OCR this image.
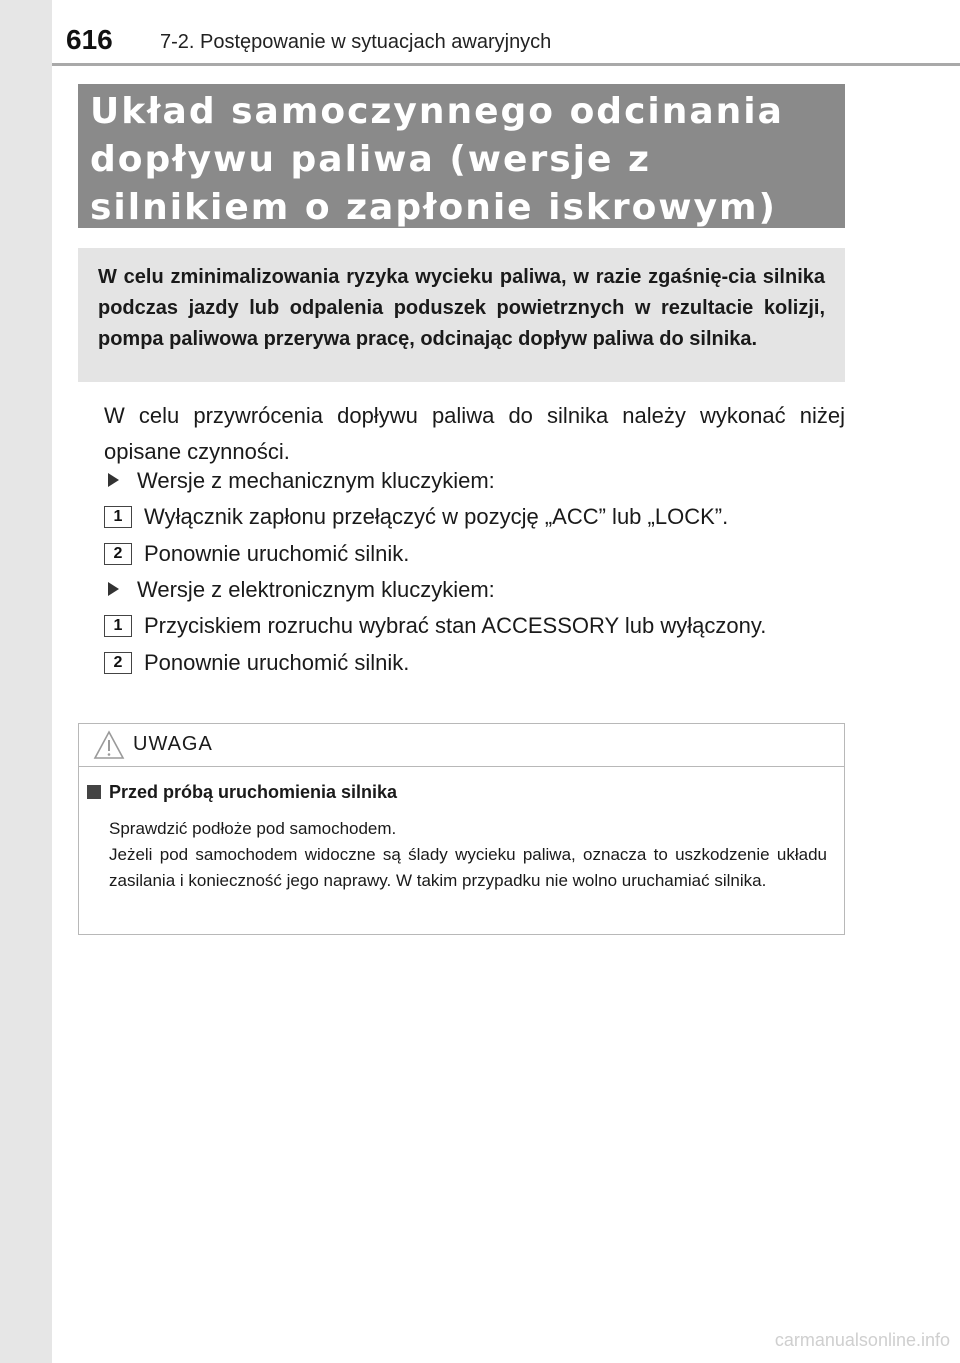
616 7-2. Postępowanie w sytuacjach awaryjnych
Układ samoczynnego odcinania dopływu paliwa (wersje z silnikiem o zapłonie iskrowym)

W celu zminimalizowania ryzyka wycieku paliwa, w razie zgaśnię-cia silnika podczas jazdy lub odpalenia poduszek powietrznych w rezultacie kolizji, pompa paliwowa przerywa pracę, odcinając dopływ paliwa do silnika.

W celu przywrócenia dopływu paliwa do silnika należy wykonać niżej opisane czynności.

Wersje z mechanicznym kluczykiem:
1 Wyłącznik zapłonu przełączyć w pozycję „ACC” lub „LOCK”.
2 Ponownie uruchomić silnik.
Wersje z elektronicznym kluczykiem:
1 Przyciskiem rozruchu wybrać stan ACCESSORY lub wyłączony.
2 Ponownie uruchomić silnik.
UWAGA
Przed próbą uruchomienia silnika

Sprawdzić podłoże pod samochodem.

Jeżeli pod samochodem widoczne są ślady wycieku paliwa, oznacza to uszkodzenie układu zasilania i konieczność jego naprawy. W takim przypadku nie wolno uruchamiać silnika.

carmanualsonline.info
